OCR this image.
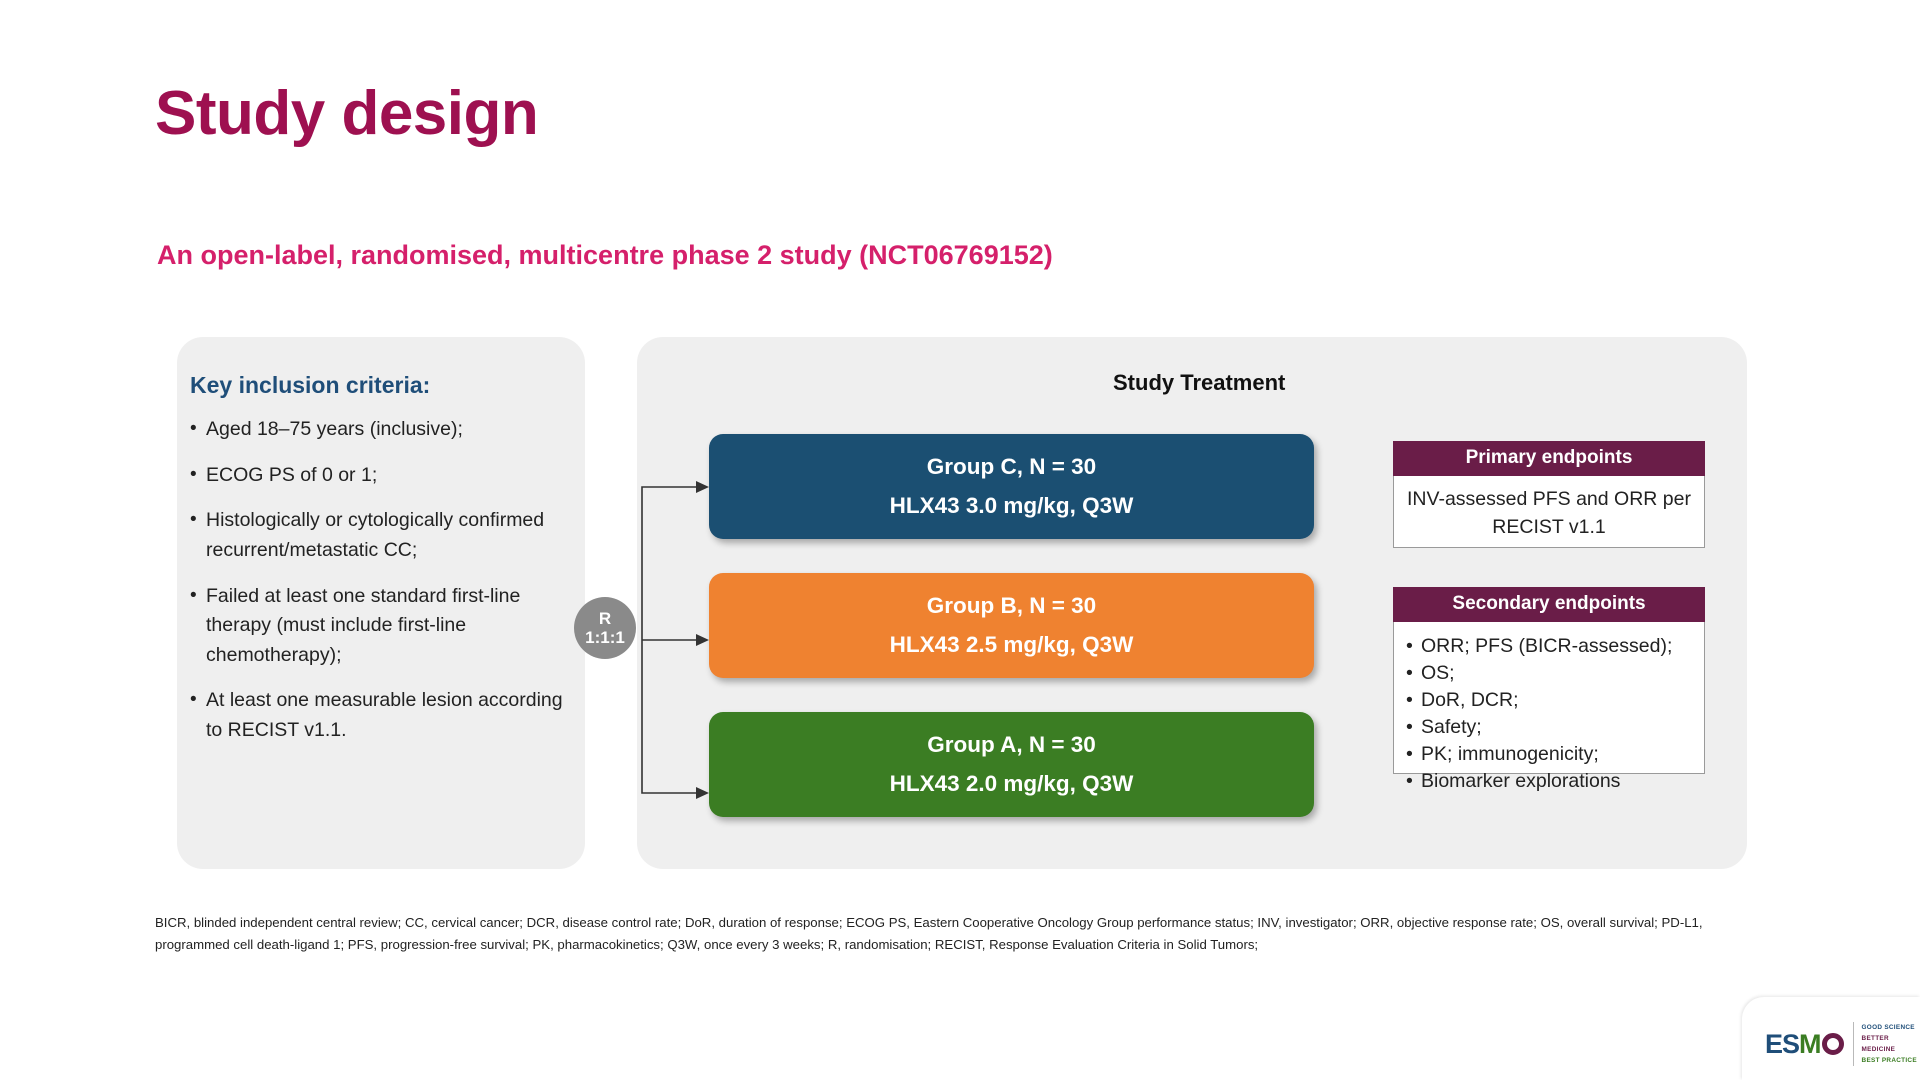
Study design
An open-label, randomised, multicentre phase 2 study (NCT06769152)
Key inclusion criteria:
• Aged 18–75 years (inclusive);
• ECOG PS of 0 or 1;
• Histologically or cytologically confirmed recurrent/metastatic CC;
• Failed at least one standard first-line therapy (must include first-line chemotherapy);
• At least one measurable lesion according to RECIST v1.1.
Study Treatment
R
1:1:1
Group C, N = 30
HLX43 3.0 mg/kg, Q3W
Group B, N = 30
HLX43 2.5 mg/kg, Q3W
Group A, N = 30
HLX43 2.0 mg/kg, Q3W
Primary endpoints
INV-assessed PFS and ORR per RECIST v1.1
Secondary endpoints
• ORR; PFS (BICR-assessed);
• OS;
• DoR, DCR;
• Safety;
• PK; immunogenicity;
• Biomarker explorations
BICR, blinded independent central review; CC, cervical cancer; DCR, disease control rate; DoR, duration of response; ECOG PS, Eastern Cooperative Oncology Group performance status; INV, investigator; ORR, objective response rate; OS, overall survival; PD-L1,
programmed cell death-ligand 1; PFS, progression-free survival; PK, pharmacokinetics; Q3W, once every 3 weeks; R, randomisation; RECIST, Response Evaluation Criteria in Solid Tumors;
ES M
GOOD SCIENCE
BETTER MEDICINE
BEST PRACTICE
